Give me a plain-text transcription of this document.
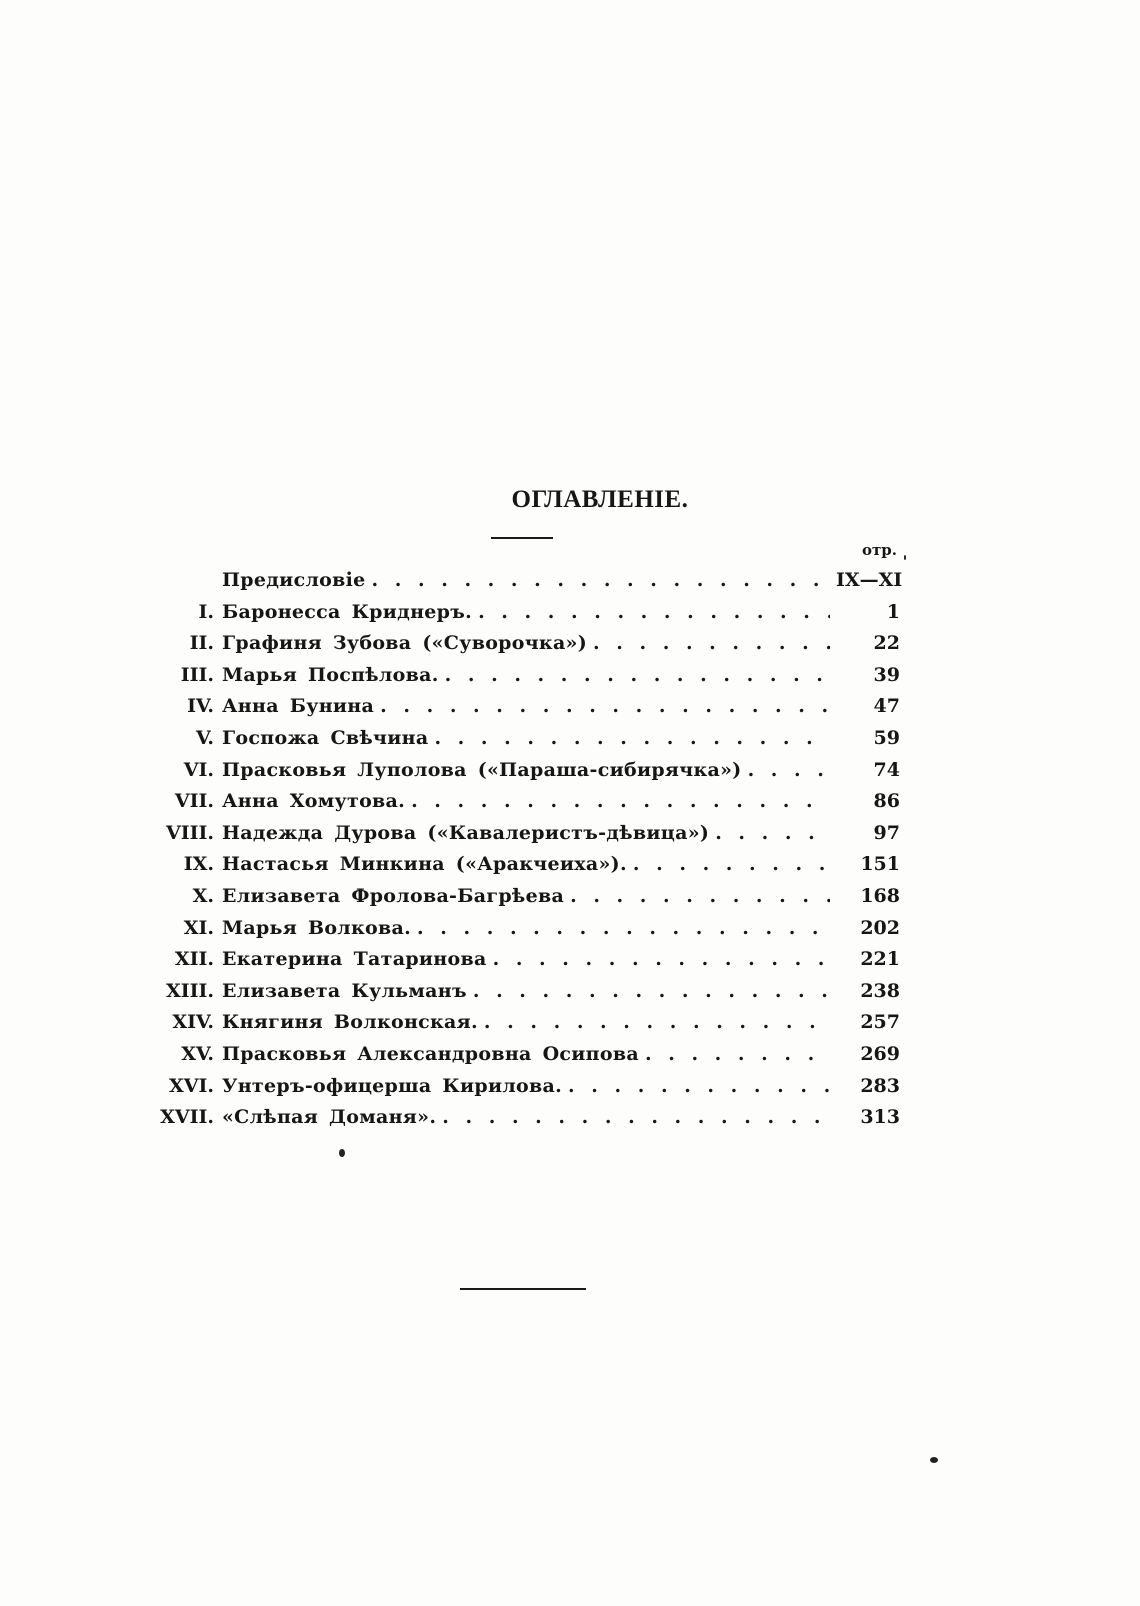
ОГЛАВЛЕНІЕ.
отр.
Предисловіе . . .	IX—XI
I. Баронесса Криднеръ. . . .	1
II. Графиня Зубова («Суворочка») . . .	22
III. Марья Поспѣлова. . . .	39
IV. Анна Бунина . . .	47
V. Госпожа Свѣчина . . .	59
VI. Прасковья Луполова («Параша-сибирячка») . . .	74
VII. Анна Хомутова. . . .	86
VIII. Надежда Дурова («Кавалеристъ-дѣвица») . . .	97
IX. Настасья Минкина («Аракчеиха»). . . .	151
X. Елизавета Фролова-Багрѣева . . .	168
XI. Марья Волкова. . . .	202
XII. Екатерина Татаринова . . .	221
XIII. Елизавета Кульманъ . . .	238
XIV. Княгиня Волконская. . . .	257
XV. Прасковья Александровна Осипова . . .	269
XVI. Унтеръ-офицерша Кирилова. . . .	283
XVII. «Слѣпая Доманя». . . .	313
